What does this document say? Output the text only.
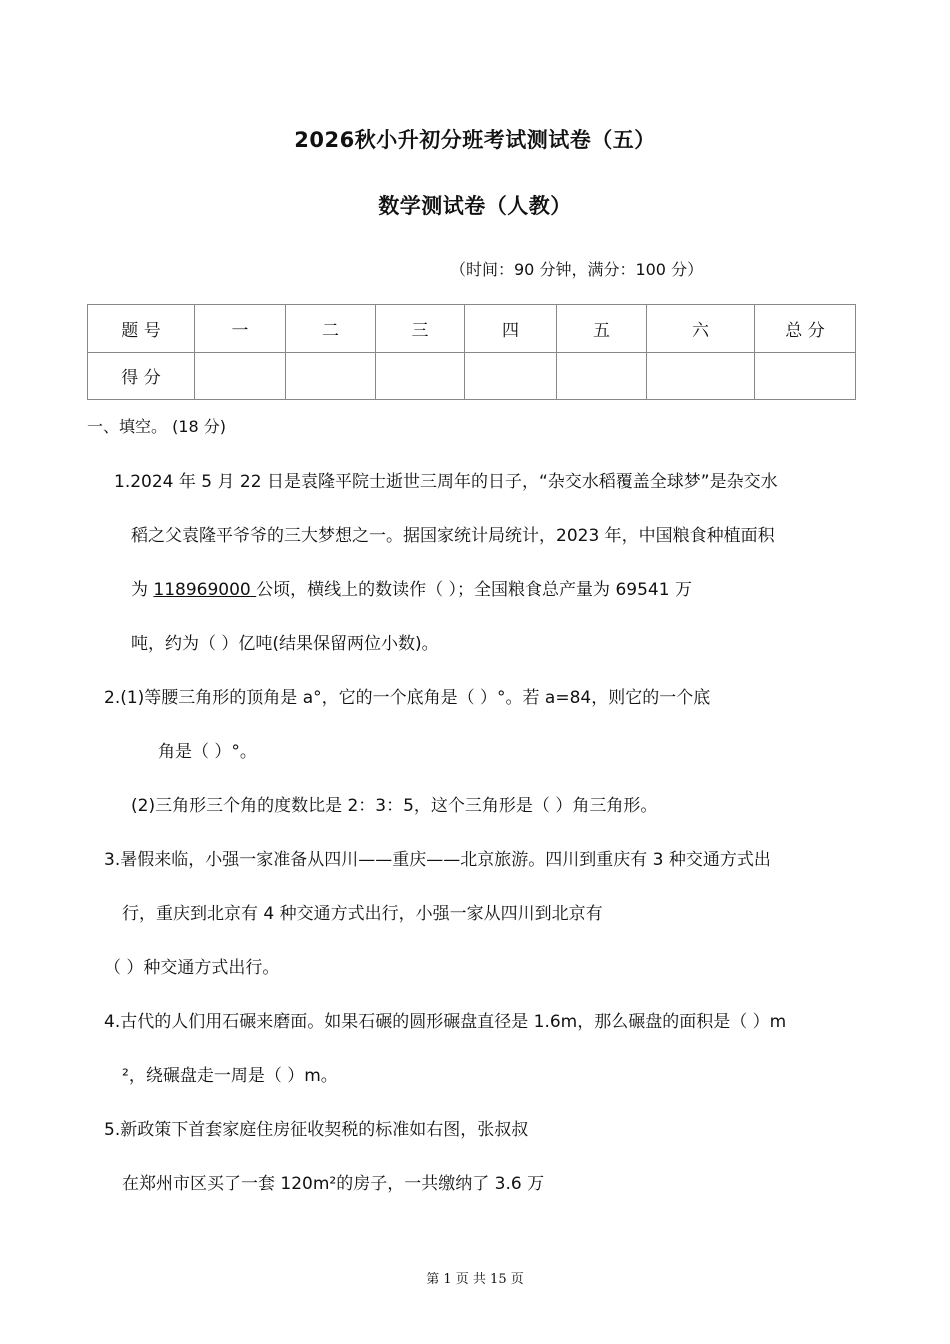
2026秋小升初分班考试测试卷（五）
数学测试卷（人教）
（时间：90 分钟，满分：100 分）
题 号	一	二	三	四	五	六	总 分
得 分							
一、填空。 (18 分)
1.2024 年 5 月 22 日是袁隆平院士逝世三周年的日子，“杂交水稻覆盖全球梦”是杂交水
稻之父袁隆平爷爷的三大梦想之一。据国家统计局统计，2023 年，中国粮食种植面积
为 118969000 公顷，横线上的数读作（ ）；全国粮食总产量为 69541 万
吨，约为（ ）亿吨(结果保留两位小数)。
2.(1)等腰三角形的顶角是 a°，它的一个底角是（ ）°。若 a=84，则它的一个底
角是（ ）°。
(2)三角形三个角的度数比是 2：3：5，这个三角形是（ ）角三角形。
3.暑假来临，小强一家准备从四川——重庆——北京旅游。四川到重庆有 3 种交通方式出
行，重庆到北京有 4 种交通方式出行，小强一家从四川到北京有
（ ）种交通方式出行。
4.古代的人们用石碾来磨面。如果石碾的圆形碾盘直径是 1.6m，那么碾盘的面积是（ ）m
²，绕碾盘走一周是（ ）m。
5.新政策下首套家庭住房征收契税的标准如右图，张叔叔
在郑州市区买了一套 120m²的房子，一共缴纳了 3.6 万
第 1 页 共 15 页
